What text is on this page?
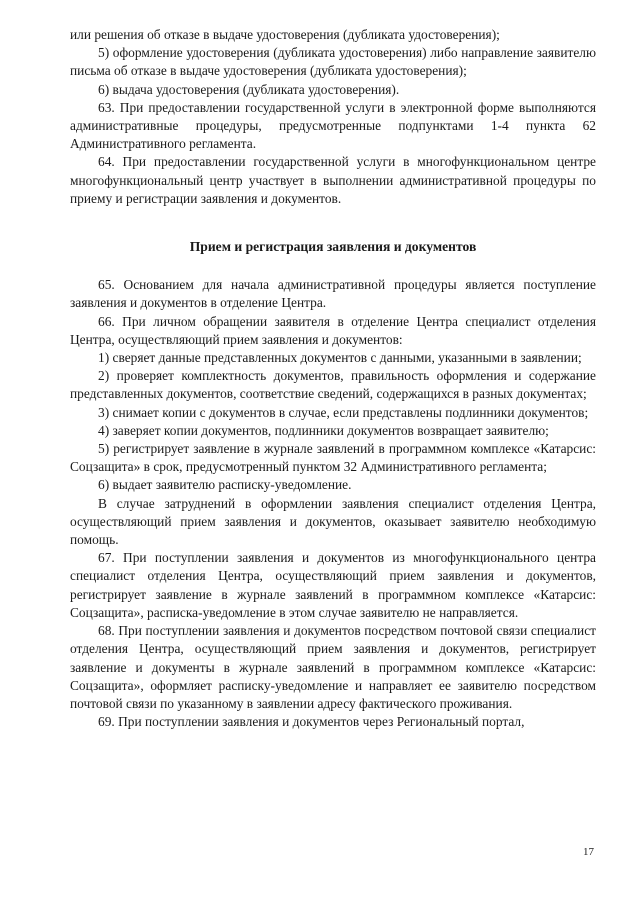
или решения об отказе в выдаче удостоверения (дубликата удостоверения);

5) оформление удостоверения (дубликата удостоверения) либо направление заявителю письма об отказе в выдаче удостоверения (дубликата удостоверения);

6) выдача удостоверения (дубликата удостоверения).

63. При предоставлении государственной услуги в электронной форме выполняются административные процедуры, предусмотренные подпунктами 1-4 пункта 62 Административного регламента.

64. При предоставлении государственной услуги в многофункциональном центре многофункциональный центр участвует в выполнении административной процедуры по приему и регистрации заявления и документов.

Прием и регистрация заявления и документов

65. Основанием для начала административной процедуры является поступление заявления и документов в отделение Центра.

66. При личном обращении заявителя в отделение Центра специалист отделения Центра, осуществляющий прием заявления и документов:

1) сверяет данные представленных документов с данными, указанными в заявлении;

2) проверяет комплектность документов, правильность оформления и содержание представленных документов, соответствие сведений, содержащихся в разных документах;

3) снимает копии с документов в случае, если представлены подлинники документов;

4) заверяет копии документов, подлинники документов возвращает заявителю;

5) регистрирует заявление в журнале заявлений в программном комплексе «Катарсис: Соцзащита» в срок, предусмотренный пунктом 32 Административного регламента;

6) выдает заявителю расписку-уведомление.

В случае затруднений в оформлении заявления специалист отделения Центра, осуществляющий прием заявления и документов, оказывает заявителю необходимую помощь.

67. При поступлении заявления и документов из многофункционального центра специалист отделения Центра, осуществляющий прием заявления и документов, регистрирует заявление в журнале заявлений в программном комплексе «Катарсис: Соцзащита», расписка-уведомление в этом случае заявителю не направляется.

68. При поступлении заявления и документов посредством почтовой связи специалист отделения Центра, осуществляющий прием заявления и документов, регистрирует заявление и документы в журнале заявлений в программном комплексе «Катарсис: Соцзащита», оформляет расписку-уведомление и направляет ее заявителю посредством почтовой связи по указанному в заявлении адресу фактического проживания.

69. При поступлении заявления и документов через Региональный портал,

17
